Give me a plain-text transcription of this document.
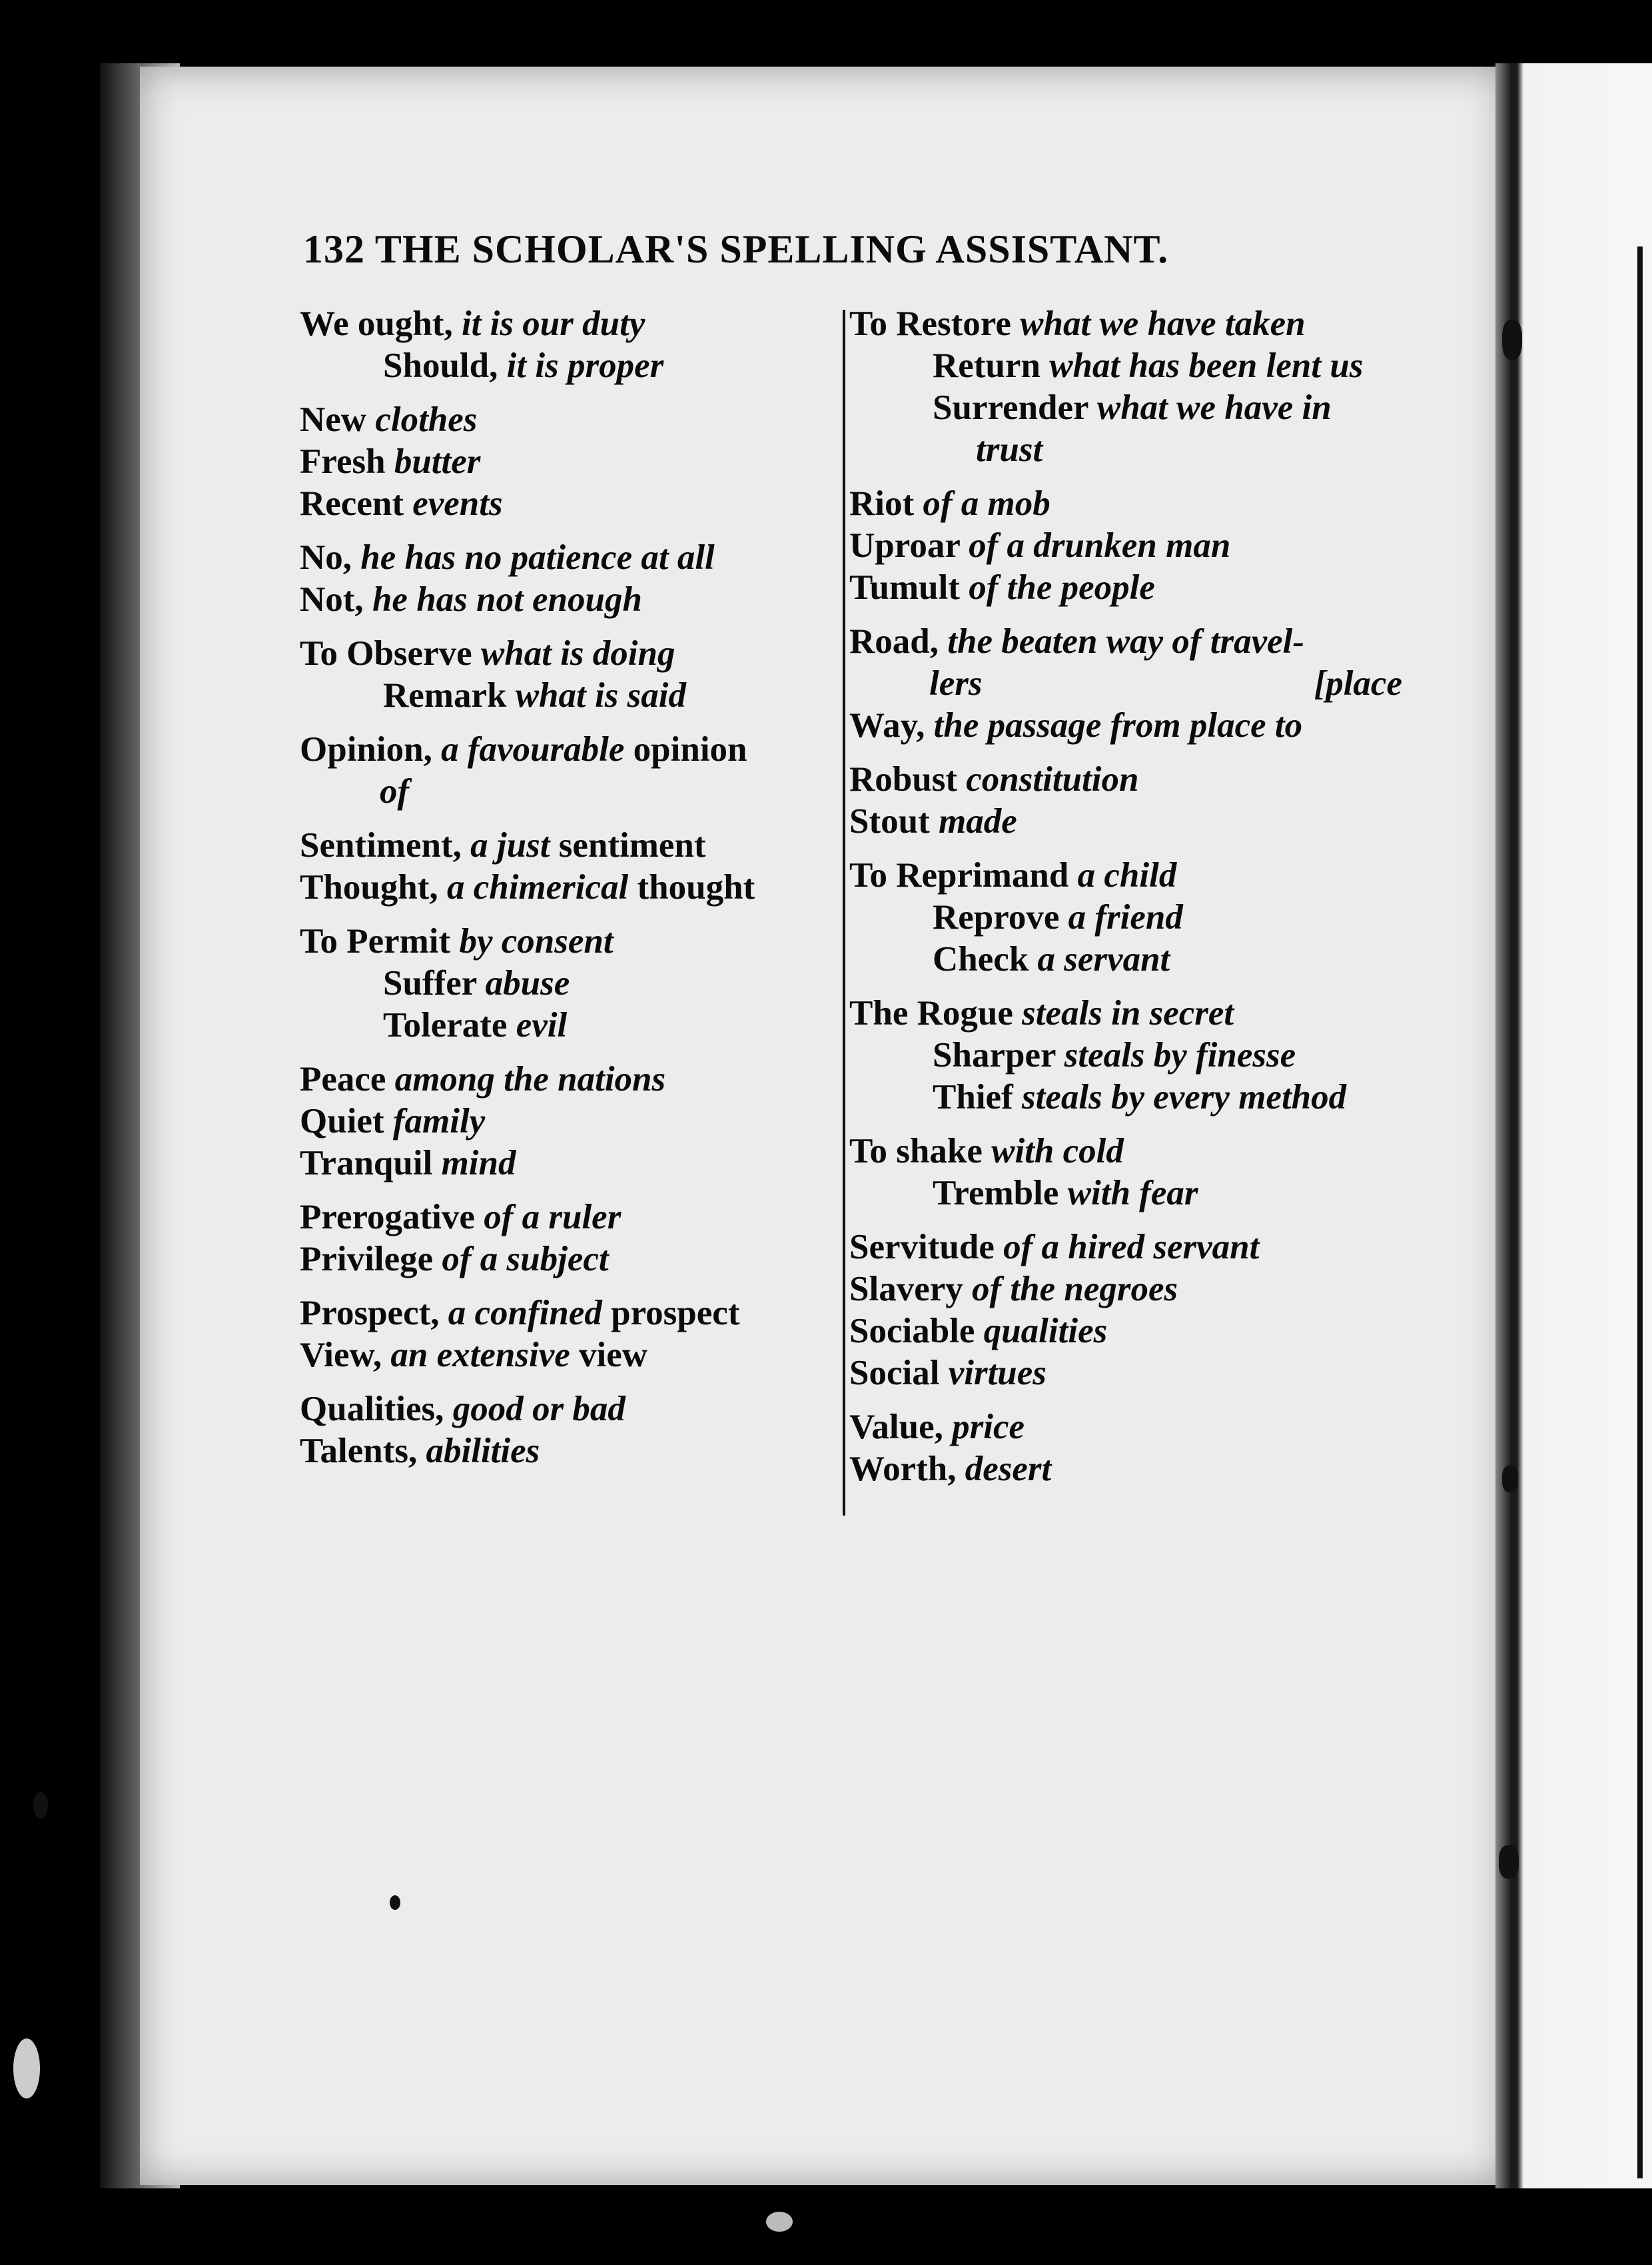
132 THE SCHOLAR'S SPELLING ASSISTANT.
We ought, it is our duty
Should, it is proper
New clothes
Fresh butter
Recent events
No, he has no patience at all
Not, he has not enough
To Observe what is doing
Remark what is said
Opinion, a favourable opinion
of
Sentiment, a just sentiment
Thought, a chimerical thought
To Permit by consent
Suffer abuse
Tolerate evil
Peace among the nations
Quiet family
Tranquil mind
Prerogative of a ruler
Privilege of a subject
Prospect, a confined prospect
View, an extensive view
Qualities, good or bad
Talents, abilities
To Restore what we have taken
Return what has been lent us
Surrender what we have in
trust
Riot of a mob
Uproar of a drunken man
Tumult of the people
Road, the beaten way of travel-
lers	[place
Way, the passage from place to
Robust constitution
Stout made
To Reprimand a child
Reprove a friend
Check a servant
The Rogue steals in secret
Sharper steals by finesse
Thief steals by every method
To shake with cold
Tremble with fear
Servitude of a hired servant
Slavery of the negroes
Sociable qualities
Social virtues
Value, price
Worth, desert
